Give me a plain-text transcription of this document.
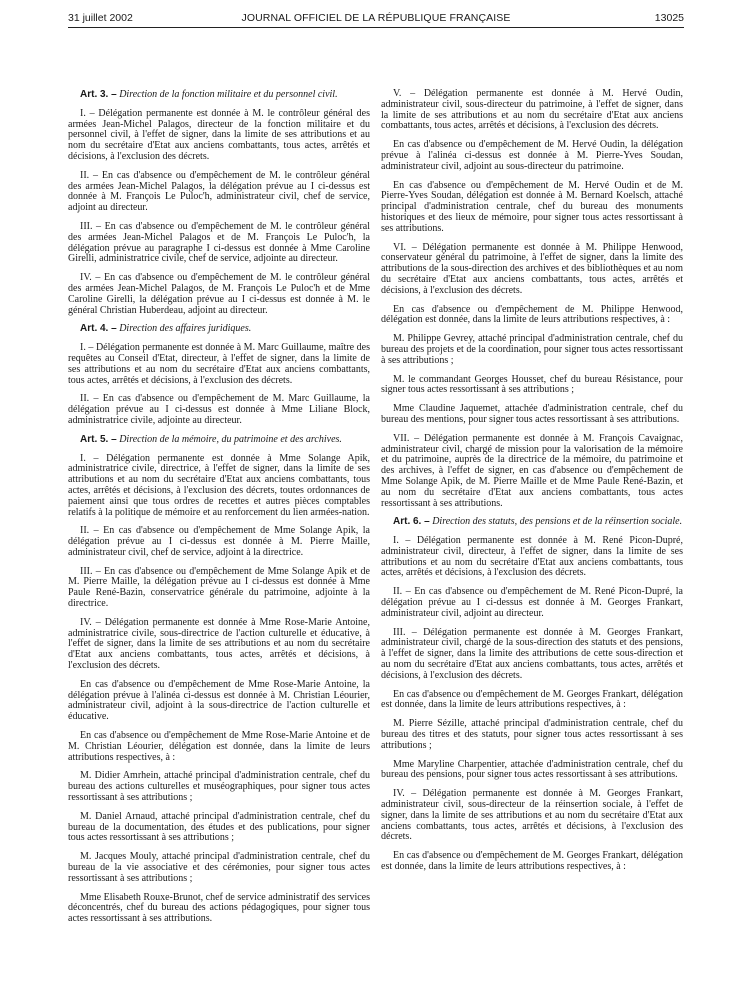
31 juillet 2002	JOURNAL OFFICIEL DE LA RÉPUBLIQUE FRANÇAISE	13025

Art. 3. – Direction de la fonction militaire et du personnel civil.

I. – Délégation permanente est donnée à M. le contrôleur général des armées Jean-Michel Palagos, directeur de la fonction militaire et du personnel civil, à l'effet de signer, dans la limite de ses attributions et au nom du secrétaire d'Etat aux anciens combattants, tous actes, arrêtés et décisions, à l'exclusion des décrets.

II. – En cas d'absence ou d'empêchement de M. le contrôleur général des armées Jean-Michel Palagos, la délégation prévue au I ci-dessus est donnée à M. François Le Puloc'h, administrateur civil, chef de service, adjoint au directeur.

III. – En cas d'absence ou d'empêchement de M. le contrôleur général des armées Jean-Michel Palagos et de M. François Le Puloc'h, la délégation prévue au paragraphe I ci-dessus est donnée à Mme Caroline Girelli, administratrice civile, chef de service, adjointe au directeur.

IV. – En cas d'absence ou d'empêchement de M. le contrôleur général des armées Jean-Michel Palagos, de M. François Le Puloc'h et de Mme Caroline Girelli, la délégation prévue au I ci-dessus est donnée à M. le général Christian Huberdeau, adjoint au directeur.

Art. 4. – Direction des affaires juridiques.

I. – Délégation permanente est donnée à M. Marc Guillaume, maître des requêtes au Conseil d'Etat, directeur, à l'effet de signer, dans la limite de ses attributions et au nom du secrétaire d'Etat aux anciens combattants, tous actes, arrêtés et décisions, à l'exclusion des décrets.

II. – En cas d'absence ou d'empêchement de M. Marc Guillaume, la délégation prévue au I ci-dessus est donnée à Mme Liliane Block, administratrice civile, adjointe au directeur.

Art. 5. – Direction de la mémoire, du patrimoine et des archives.

I. – Délégation permanente est donnée à Mme Solange Apik, administratrice civile, directrice, à l'effet de signer, dans la limite de ses attributions et au nom du secrétaire d'Etat aux anciens combattants, tous actes, arrêtés et décisions, à l'exclusion des décrets, toutes ordonnances de paiement ainsi que tous ordres de recettes et autres pièces comptables relatifs à la politique de mémoire et au renforcement du lien armées-nation.

II. – En cas d'absence ou d'empêchement de Mme Solange Apik, la délégation prévue au I ci-dessus est donnée à M. Pierre Maille, administrateur civil, chef de service, adjoint à la directrice.

III. – En cas d'absence ou d'empêchement de Mme Solange Apik et de M. Pierre Maille, la délégation prévue au I ci-dessus est donnée à Mme Paule René-Bazin, conservatrice générale du patrimoine, adjointe à la directrice.

IV. – Délégation permanente est donnée à Mme Rose-Marie Antoine, administratrice civile, sous-directrice de l'action culturelle et éducative, à l'effet de signer, dans la limite de ses attributions et au nom du secrétaire d'Etat aux anciens combattants, tous actes, arrêtés et décisions, à l'exclusion des décrets.

En cas d'absence ou d'empêchement de Mme Rose-Marie Antoine, la délégation prévue à l'alinéa ci-dessus est donnée à M. Christian Léourier, administrateur civil, adjoint à la sous-directrice de l'action culturelle et éducative.

En cas d'absence ou d'empêchement de Mme Rose-Marie Antoine et de M. Christian Léourier, délégation est donnée, dans la limite de leurs attributions respectives, à :

M. Didier Amrhein, attaché principal d'administration centrale, chef du bureau des actions culturelles et muséographiques, pour signer tous actes ressortissant à ses attributions ;

M. Daniel Arnaud, attaché principal d'administration centrale, chef du bureau de la documentation, des études et des publications, pour signer tous actes ressortissant à ses attributions ;

M. Jacques Mouly, attaché principal d'administration centrale, chef du bureau de la vie associative et des cérémonies, pour signer tous actes ressortissant à ses attributions ;

Mme Elisabeth Rouxe-Brunot, chef de service administratif des services déconcentrés, chef du bureau des actions pédagogiques, pour signer tous actes ressortissant à ses attributions.

V. – Délégation permanente est donnée à M. Hervé Oudin, administrateur civil, sous-directeur du patrimoine, à l'effet de signer, dans la limite de ses attributions et au nom du secrétaire d'Etat aux anciens combattants, tous actes, arrêtés et décisions, à l'exclusion des décrets.

En cas d'absence ou d'empêchement de M. Hervé Oudin, la délégation prévue à l'alinéa ci-dessus est donnée à M. Pierre-Yves Soudan, administrateur civil, adjoint au sous-directeur du patrimoine.

En cas d'absence ou d'empêchement de M. Hervé Oudin et de M. Pierre-Yves Soudan, délégation est donnée à M. Bernard Koelsch, attaché principal d'administration centrale, chef du bureau des monuments historiques et des lieux de mémoire, pour signer tous actes ressortissant à ses attributions.

VI. – Délégation permanente est donnée à M. Philippe Henwood, conservateur général du patrimoine, à l'effet de signer, dans la limite des attributions de la sous-direction des archives et des bibliothèques et au nom du secrétaire d'Etat aux anciens combattants, tous actes, arrêtés et décisions, à l'exclusion des décrets.

En cas d'absence ou d'empêchement de M. Philippe Henwood, délégation est donnée, dans la limite de leurs attributions respectives, à :

M. Philippe Gevrey, attaché principal d'administration centrale, chef du bureau des projets et de la coordination, pour signer tous actes ressortissant à ses attributions ;

M. le commandant Georges Housset, chef du bureau Résistance, pour signer tous actes ressortissant à ses attributions ;

Mme Claudine Jaquemet, attachée d'administration centrale, chef du bureau des mentions, pour signer tous actes ressortissant à ses attributions.

VII. – Délégation permanente est donnée à M. François Cavaignac, administrateur civil, chargé de mission pour la valorisation de la mémoire et du patrimoine, auprès de la directrice de la mémoire, du patrimoine et des archives, à l'effet de signer, en cas d'absence ou d'empêchement de Mme Solange Apik, de M. Pierre Maille et de Mme Paule René-Bazin, et au nom du secrétaire d'Etat aux anciens combattants, tous actes ressortissant à ses attributions.

Art. 6. – Direction des statuts, des pensions et de la réinsertion sociale.

I. – Délégation permanente est donnée à M. René Picon-Dupré, administrateur civil, directeur, à l'effet de signer, dans la limite de ses attributions et au nom du secrétaire d'Etat aux anciens combattants, tous actes, arrêtés et décisions, à l'exclusion des décrets.

II. – En cas d'absence ou d'empêchement de M. René Picon-Dupré, la délégation prévue au I ci-dessus est donnée à M. Georges Frankart, administrateur civil, adjoint au directeur.

III. – Délégation permanente est donnée à M. Georges Frankart, administrateur civil, chargé de la sous-direction des statuts et des pensions, à l'effet de signer, dans la limite des attributions de cette sous-direction et au nom du secrétaire d'Etat aux anciens combattants, tous actes, arrêtés et décisions, à l'exclusion des décrets.

En cas d'absence ou d'empêchement de M. Georges Frankart, délégation est donnée, dans la limite de leurs attributions respectives, à :

M. Pierre Sézille, attaché principal d'administration centrale, chef du bureau des titres et des statuts, pour signer tous actes ressortissant à ses attributions ;

Mme Maryline Charpentier, attachée d'administration centrale, chef du bureau des pensions, pour signer tous actes ressortissant à ses attributions.

IV. – Délégation permanente est donnée à M. Georges Frankart, administrateur civil, sous-directeur de la réinsertion sociale, à l'effet de signer, dans la limite de ses attributions et au nom du secrétaire d'Etat aux anciens combattants, tous actes, arrêtés et décisions, à l'exclusion des décrets.

En cas d'absence ou d'empêchement de M. Georges Frankart, délégation est donnée, dans la limite de leurs attributions respectives, à :
